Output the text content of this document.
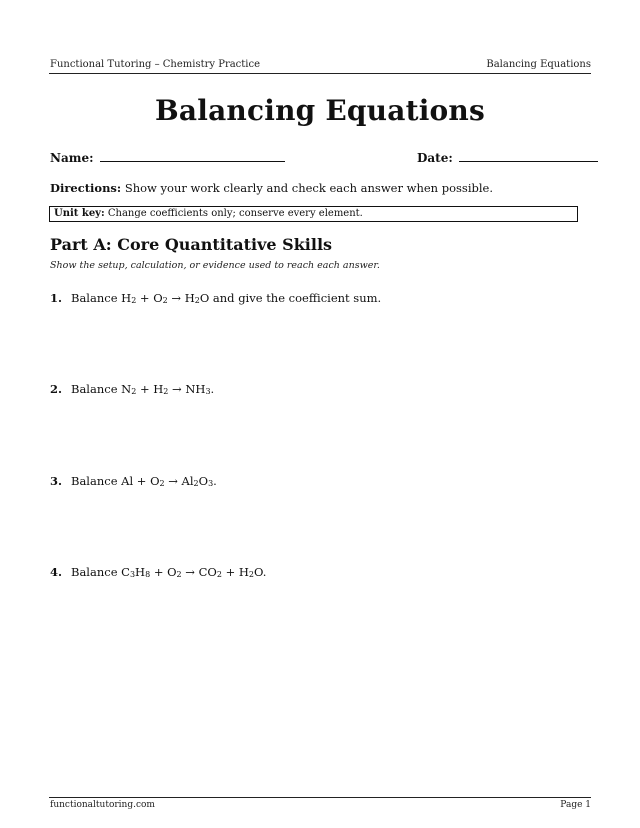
Functional Tutoring – Chemistry Practice	Balancing Equations
Balancing Equations
Name:	Date:
Directions: Show your work clearly and check each answer when possible.
Unit key: Change coefficients only; conserve every element.
Part A: Core Quantitative Skills
Show the setup, calculation, or evidence used to reach each answer.
1. Balance $H_2 + O_2 \to H_2O$ and give the coefficient sum.
2. Balance $N_2 + H_2 \to NH_3$.
3. Balance $Al + O_2 \to Al_2O_3$.
4. Balance $C_3H_8 + O_2 \to CO_2 + H_2O$.
functionaltutoring.com	Page 1
